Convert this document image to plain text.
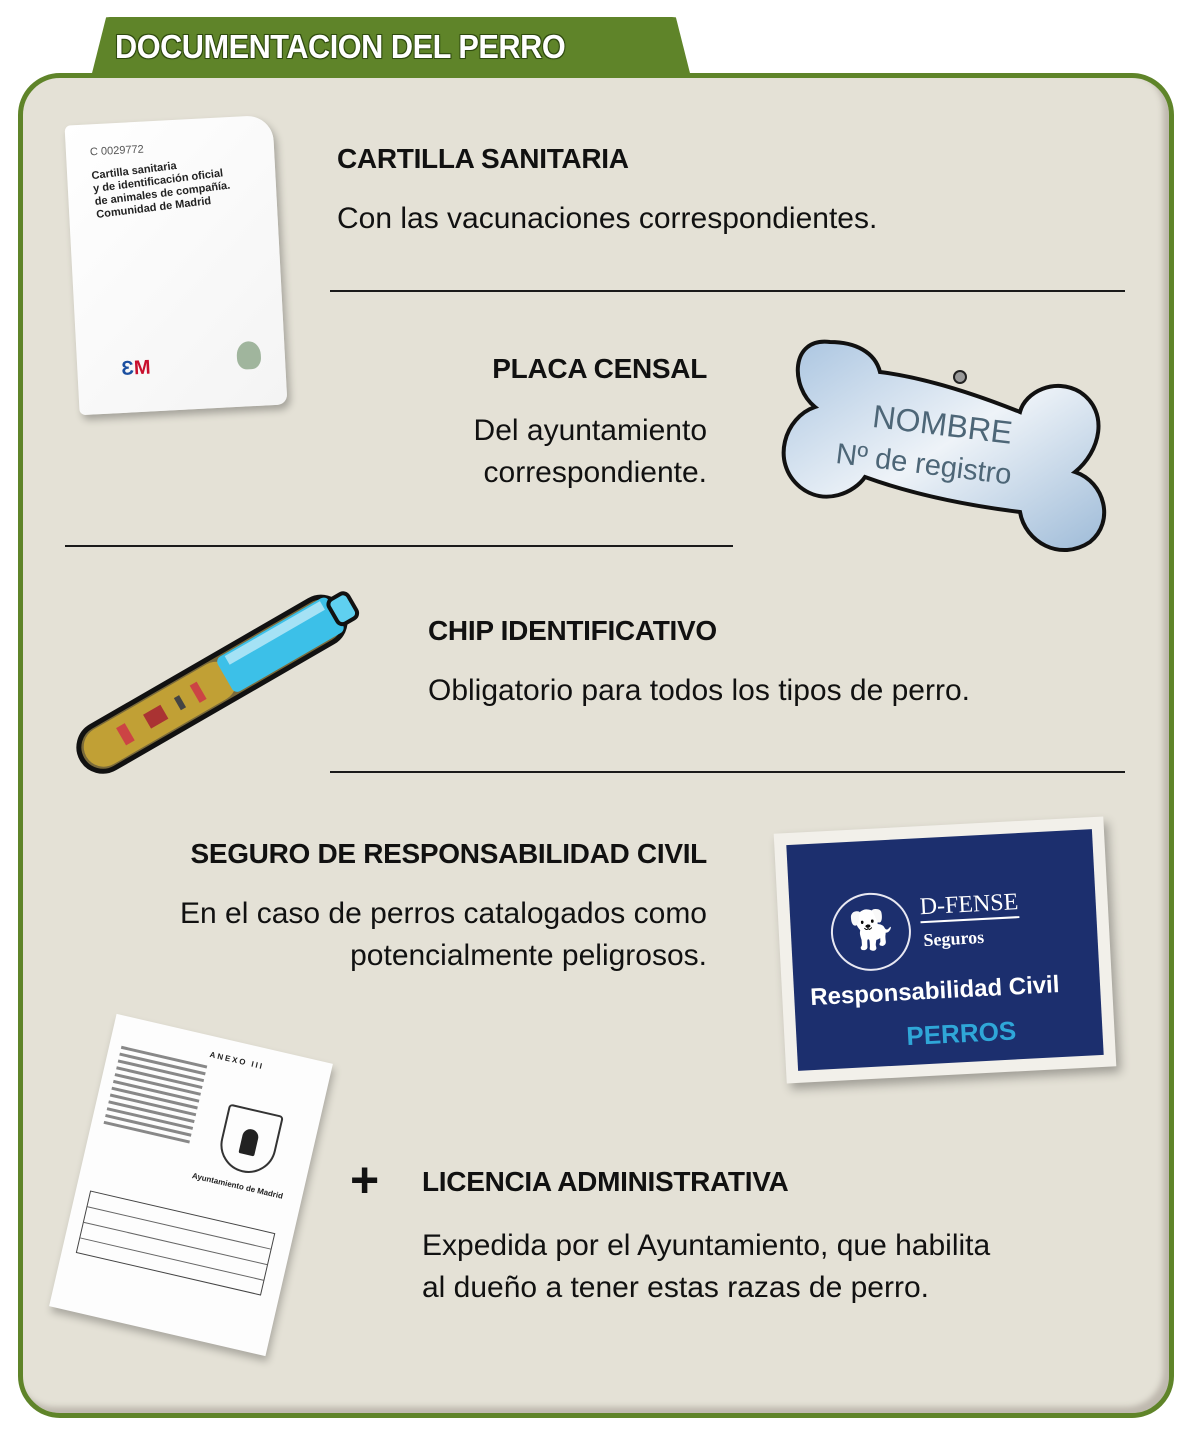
DOCUMENTACION DEL PERRO
C 0029772
Cartilla sanitaria
y de identificación oficial
de animales de compañía.
Comunidad de Madrid
ƐM
CARTILLA SANITARIA
Con las vacunaciones correspondientes.
PLACA CENSAL
Del ayuntamiento
correspondiente.
NOMBRE
Nº de registro
CHIP IDENTIFICATIVO
Obligatorio para todos los tipos de perro.
SEGURO DE RESPONSABILIDAD CIVIL
En el caso de perros catalogados como
potencialmente peligrosos.
🐕
D-FENSE
Seguros
Responsabilidad Civil
PERROS
ANEXO III
Ayuntamiento de Madrid + LICENCIA ADMINISTRATIVA
Expedida por el Ayuntamiento, que habilita
al dueño a tener estas razas de perro.
